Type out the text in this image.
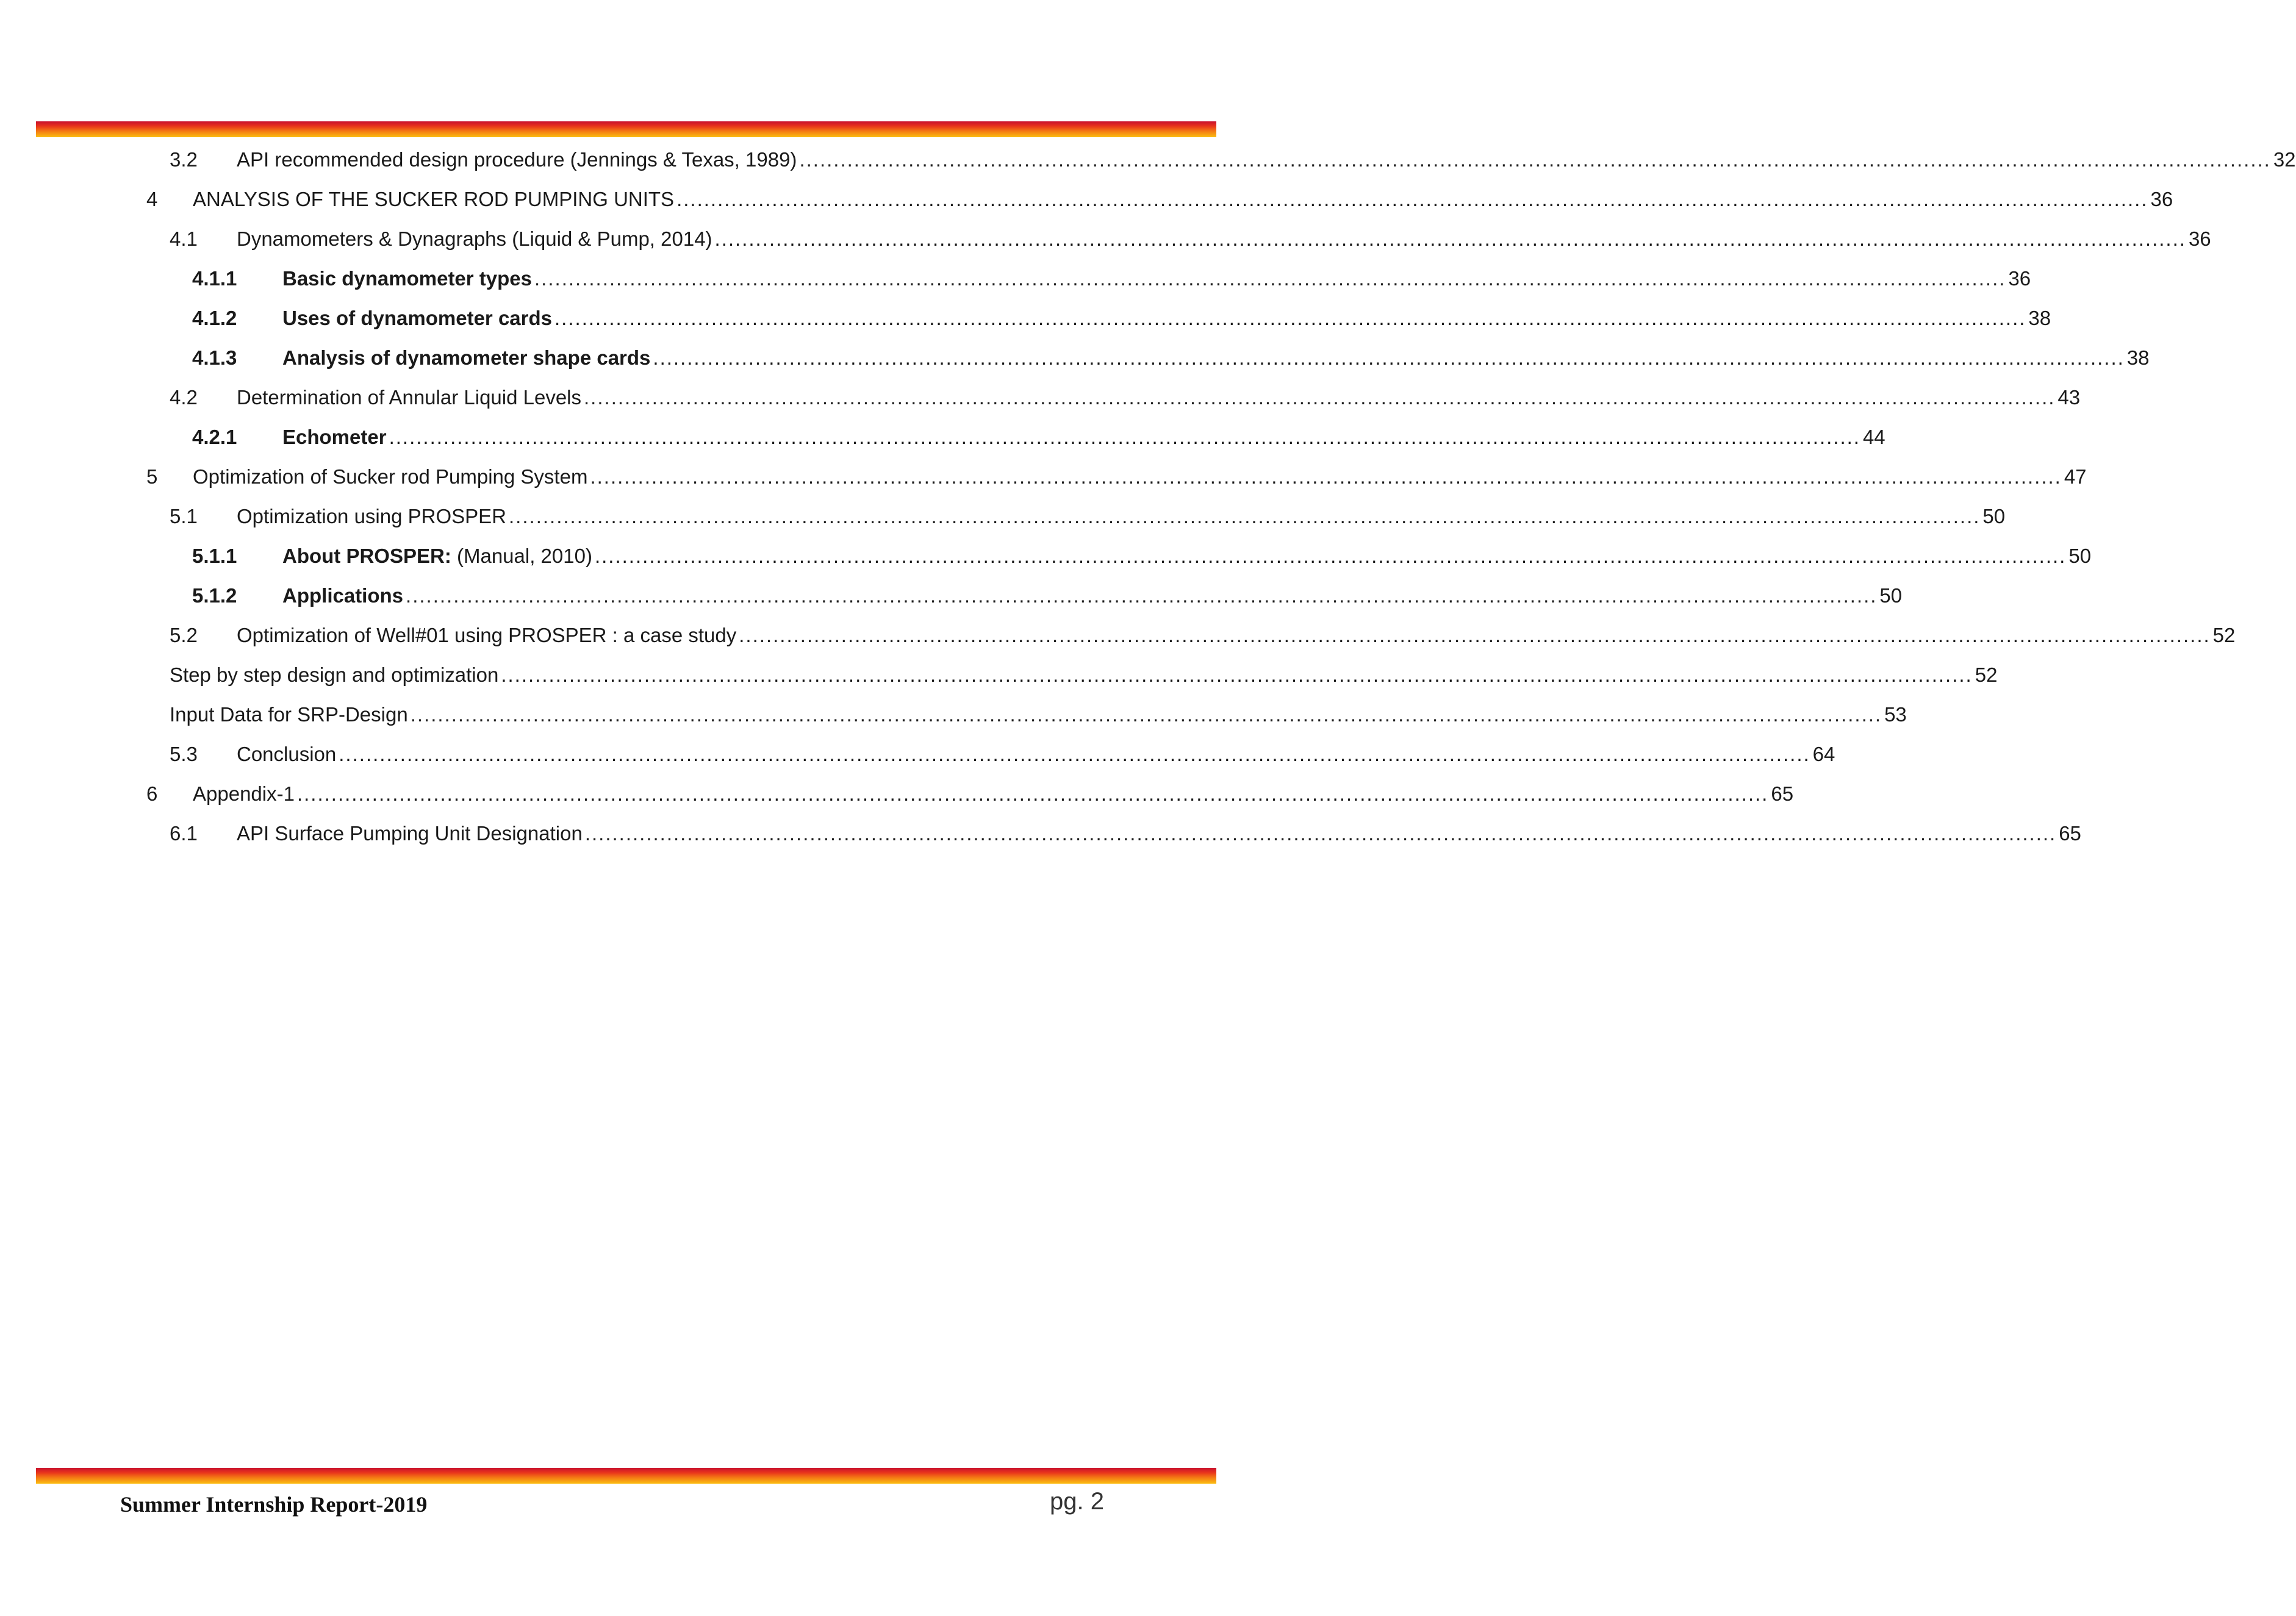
3.2	API recommended design procedure (Jennings & Texas, 1989) ........................................................................................................................................................................................................................ 32
4	ANALYSIS OF THE SUCKER ROD PUMPING UNITS ........................................................................................................................................................................................................................ 36
4.1	Dynamometers & Dynagraphs (Liquid & Pump, 2014) ........................................................................................................................................................................................................................ 36
4.1.1	Basic dynamometer types ........................................................................................................................................................................................................................ 36
4.1.2	Uses of dynamometer cards ........................................................................................................................................................................................................................ 38
4.1.3	Analysis of dynamometer shape cards ........................................................................................................................................................................................................................ 38
4.2	Determination of Annular Liquid Levels ........................................................................................................................................................................................................................ 43
4.2.1	Echometer ........................................................................................................................................................................................................................ 44
5	Optimization of Sucker rod Pumping System ........................................................................................................................................................................................................................ 47
5.1	Optimization using PROSPER ........................................................................................................................................................................................................................ 50
5.1.1	About PROSPER: (Manual, 2010) ........................................................................................................................................................................................................................ 50
5.1.2	Applications ........................................................................................................................................................................................................................ 50
5.2	Optimization of Well#01 using PROSPER : a case study ........................................................................................................................................................................................................................ 52
Step by step design and optimization ........................................................................................................................................................................................................................ 52
Input Data for SRP-Design ........................................................................................................................................................................................................................ 53
5.3	Conclusion ........................................................................................................................................................................................................................ 64
6	Appendix-1 ........................................................................................................................................................................................................................ 65
6.1	API Surface Pumping Unit Designation ........................................................................................................................................................................................................................ 65
Summer Internship Report-2019	pg. 2
